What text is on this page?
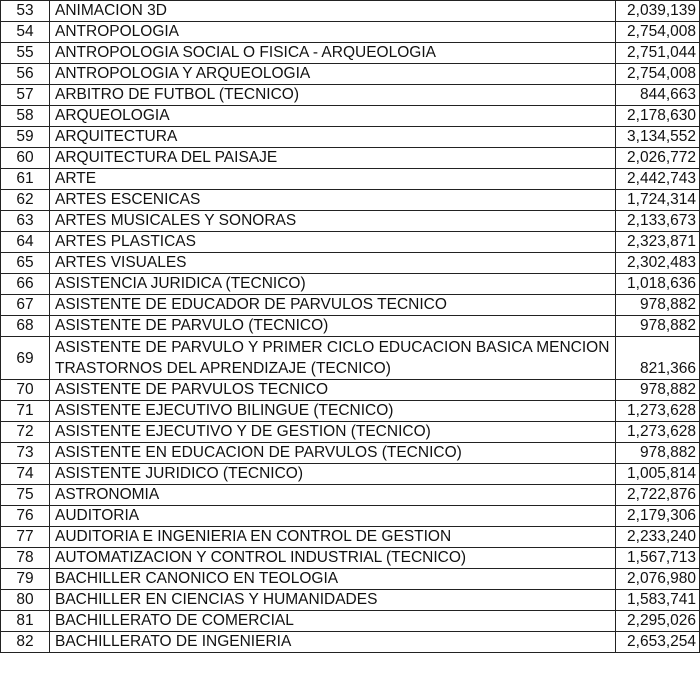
53	ANIMACION 3D	2,039,139
54	ANTROPOLOGIA	2,754,008
55	ANTROPOLOGIA SOCIAL O FISICA - ARQUEOLOGIA	2,751,044
56	ANTROPOLOGIA Y ARQUEOLOGIA	2,754,008
57	ARBITRO DE FUTBOL (TECNICO)	844,663
58	ARQUEOLOGIA	2,178,630
59	ARQUITECTURA	3,134,552
60	ARQUITECTURA DEL PAISAJE	2,026,772
61	ARTE	2,442,743
62	ARTES ESCENICAS	1,724,314
63	ARTES MUSICALES Y SONORAS	2,133,673
64	ARTES PLASTICAS	2,323,871
65	ARTES VISUALES	2,302,483
66	ASISTENCIA JURIDICA (TECNICO)	1,018,636
67	ASISTENTE DE EDUCADOR DE PARVULOS TECNICO	978,882
68	ASISTENTE DE PARVULO (TECNICO)	978,882
69	ASISTENTE DE PARVULO Y PRIMER CICLO EDUCACION BASICA MENCION TRASTORNOS DEL APRENDIZAJE (TECNICO)	821,366
70	ASISTENTE DE PARVULOS TECNICO	978,882
71	ASISTENTE EJECUTIVO BILINGUE (TECNICO)	1,273,628
72	ASISTENTE EJECUTIVO Y DE GESTION (TECNICO)	1,273,628
73	ASISTENTE EN EDUCACION DE PARVULOS (TECNICO)	978,882
74	ASISTENTE JURIDICO (TECNICO)	1,005,814
75	ASTRONOMIA	2,722,876
76	AUDITORIA	2,179,306
77	AUDITORIA E INGENIERIA EN CONTROL DE GESTION	2,233,240
78	AUTOMATIZACION Y CONTROL INDUSTRIAL (TECNICO)	1,567,713
79	BACHILLER CANONICO EN TEOLOGIA	2,076,980
80	BACHILLER EN CIENCIAS Y HUMANIDADES	1,583,741
81	BACHILLERATO DE COMERCIAL	2,295,026
82	BACHILLERATO DE INGENIERIA	2,653,254
